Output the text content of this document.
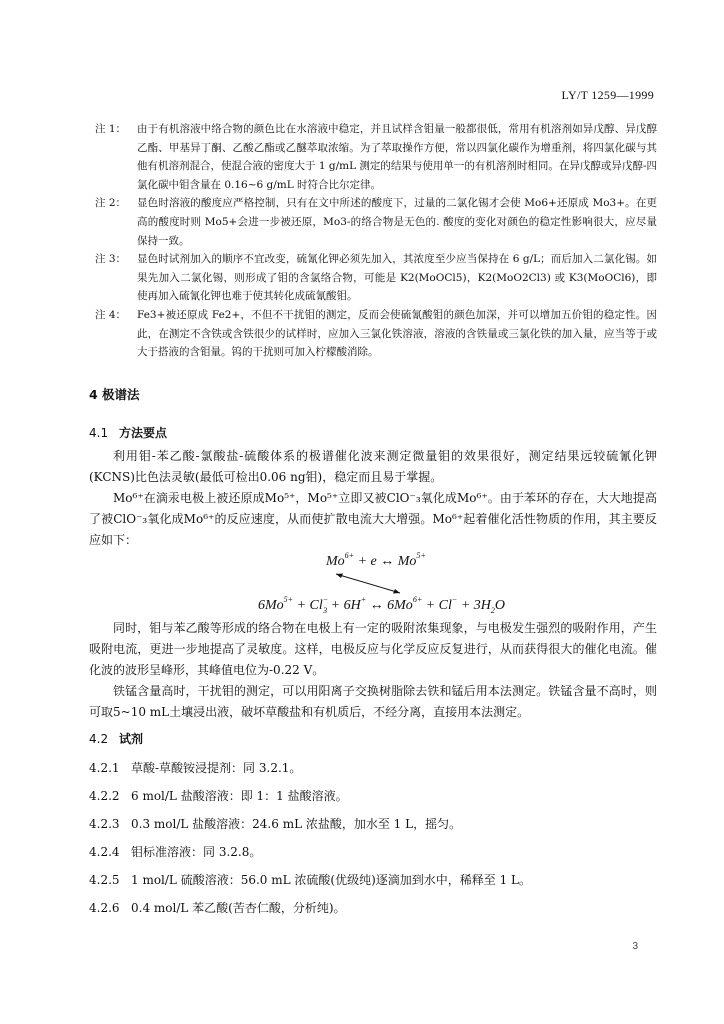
LY/T 1259—1999
注 1：	由于有机溶液中络合物的颜色比在水溶液中稳定，并且试样含钼量一般都很低，常用有机溶剂如异戊醇、异戊醇乙酯、甲基异丁酮、乙酸乙酯或乙醚萃取浓缩。为了萃取操作方便，常以四氯化碳作为增重剂，将四氯化碳与其他有机溶剂混合，使混合液的密度大于 1 g/mL 测定的结果与使用单一的有机溶剂时相同。在异戊醇或异戊醇-四氯化碳中钼含量在 0.16~6 g/mL 时符合比尔定律。
注 2：	显色时溶液的酸度应严格控制，只有在文中所述的酸度下，过量的二氯化锡才会使 Mo6+还原成 Mo3+。在更高的酸度时则 Mo5+会进一步被还原，Mo3-的络合物是无色的. 酸度的变化对颜色的稳定性影响很大，应尽量保持一致。
注 3：	显色时试剂加入的顺序不宜改变，硫氰化钾必须先加入，其浓度至少应当保持在 6 g/L；而后加入二氯化锡。如果先加入二氯化锡，则形成了钼的含氯络合物，可能是 K2(MoOCl5)，K2(MoO2Cl3) 或 K3(MoOCl6)，即使再加入硫氰化钾也难于使其转化成硫氰酸钼。
注 4：	Fe3+被还原成 Fe2+，不但不干扰钼的测定，反而会使硫氰酸钼的颜色加深，并可以增加五价钼的稳定性。因此，在测定不含铁或含铁很少的试样时，应加入三氯化铁溶液，溶液的含铁量或三氯化铁的加入量，应当等于或大于搭液的含钼量。钨的干扰则可加入柠檬酸消除。
4 极谱法
4.1 方法要点
利用钼-苯乙酸-氯酸盐-硫酸体系的极谱催化波来测定微量钼的效果很好，测定结果远较硫氰化钾(KCNS)比色法灵敏(最低可检出0.06 ng钼)，稳定而且易于掌握。
Mo⁶⁺在滴汞电极上被还原成Mo⁵⁺，Mo⁵⁺立即又被ClO⁻₃氧化成Mo⁶⁺。由于苯环的存在，大大地提高了被ClO⁻₃氧化成Mo⁶⁺的反应速度，从而使扩散电流大大增强。Mo⁶⁺起着催化活性物质的作用，其主要反应如下：
$Mo^{6+} + e$ ↔ $Mo^{5+}$
$6Mo^{5+} + Cl^-$ 3 + 6H+ ↔ $6Mo^{6+} + Cl^- + 3H_2O$
同时，钼与苯乙酸等形成的络合物在电极上有一定的吸附浓集现象，与电极发生强烈的吸附作用，产生吸附电流，更进一步地提高了灵敏度。这样，电极反应与化学反应反复进行，从而获得很大的催化电流。催化波的波形呈峰形，其峰值电位为-0.22 V。
铁锰含量高时，干扰钼的测定，可以用阳离子交换树脂除去铁和锰后用本法测定。铁锰含量不高时，则可取5~10 mL土壤浸出液，破坏草酸盐和有机质后，不经分离，直接用本法测定。
4.2 试剂
4.2.1 草酸-草酸铵浸提剂：同 3.2.1。
4.2.2 6 mol/L 盐酸溶液：即 1：1 盐酸溶液。
4.2.3 0.3 mol/L 盐酸溶液：24.6 mL 浓盐酸，加水至 1 L，摇匀。
4.2.4 钼标准溶液：同 3.2.8。
4.2.5 1 mol/L 硫酸溶液：56.0 mL 浓硫酸(优级纯)逐滴加到水中，稀释至 1 L。
4.2.6 0.4 mol/L 苯乙酸(苦杏仁酸，分析纯)。
3
